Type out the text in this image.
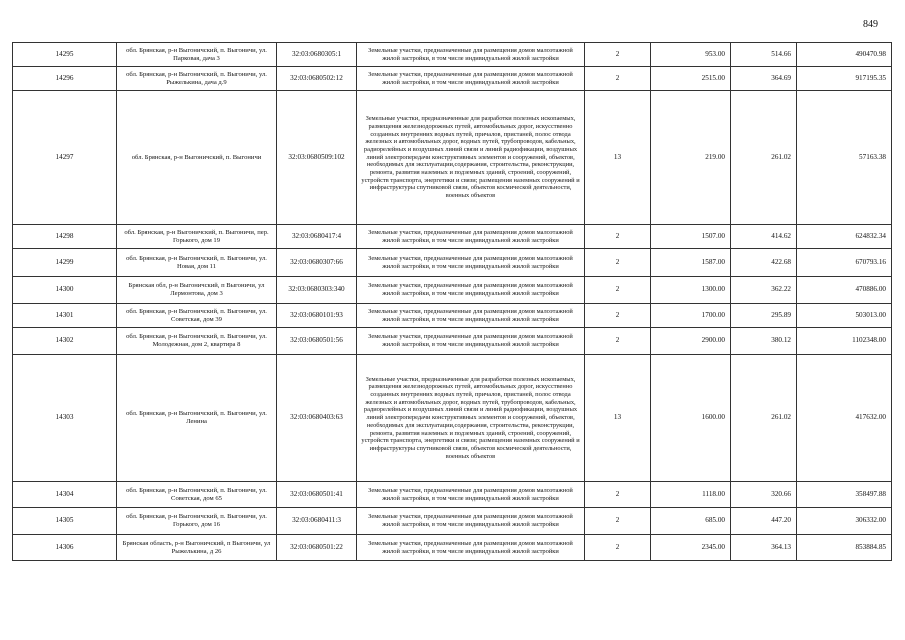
849
14295	обл. Брянская, р-н Выгоничский, п. Выгоничи, ул. Парковая, дача 3	32:03:0680305:1	Земельные участки, предназначенные для размещения домов малоэтажной жилой застройки, в том числе индивидуальной жилой застройки	2	953.00	514.66	490470.98
14296	обл. Брянская, р-н Выгоничский, п. Выгоничи, ул. Рыжелькина, дача д.9	32:03:0680502:12	Земельные участки, предназначенные для размещения домов малоэтажной жилой застройки, в том числе индивидуальной жилой застройки	2	2515.00	364.69	917195.35
14297	обл. Брянская, р-н Выгоничский, п. Выгоничи	32:03:0680509:102	Земельные участки, предназначенные для разработки полезных ископаемых, размещения железнодорожных путей, автомобильных дорог, искусственно созданных внутренних водных путей, причалов, пристаней, полос отвода железных и автомобильных дорог, водных путей, трубопроводов, кабельных, радиорелейных и воздушных линий связи и линий радиофикации, воздушных линий электропередачи конструктивных элементов и сооружений, объектов, необходимых для эксплуатации,содержания, строительства, реконструкции, ремонта, развития наземных и подземных зданий, строений, сооружений, устройств транспорта, энергетики и связи; размещения наземных сооружений и инфраструктуры спутниковой связи, объектов космической деятельности, военных объектов	13	219.00	261.02	57163.38
14298	обл. Брянская, р-н Выгоничский, п. Выгоничи, пер. Горького, дом 19	32:03:0680417:4	Земельные участки, предназначенные для размещения домов малоэтажной жилой застройки, в том числе индивидуальной жилой застройки	2	1507.00	414.62	624832.34
14299	обл. Брянская, р-н Выгоничский, п. Выгоничи, ул. Новая, дом 11	32:03:0680307:66	Земельные участки, предназначенные для размещения домов малоэтажной жилой застройки, в том числе индивидуальной жилой застройки	2	1587.00	422.68	670793.16
14300	Брянская обл, р-н Выгоничский, п Выгоничи, ул Лермонтова, дом 3	32:03:0680303:340	Земельные участки, предназначенные для размещения домов малоэтажной жилой застройки, в том числе индивидуальной жилой застройки	2	1300.00	362.22	470886.00
14301	обл. Брянская, р-н Выгоничский, п. Выгоничи, ул. Советская, дом 39	32:03:0680101:93	Земельные участки, предназначенные для размещения домов малоэтажной жилой застройки, в том числе индивидуальной жилой застройки	2	1700.00	295.89	503013.00
14302	обл. Брянская, р-н Выгоничский, п. Выгоничи, ул. Молодежная, дом 2, квартира 8	32:03:0680501:56	Земельные участки, предназначенные для размещения домов малоэтажной жилой застройки, в том числе индивидуальной жилой застройки	2	2900.00	380.12	1102348.00
14303	обл. Брянская, р-н Выгоничский, п. Выгоничи, ул. Ленина	32:03:0680403:63	Земельные участки, предназначенные для разработки полезных ископаемых, размещения железнодорожных путей, автомобильных дорог, искусственно созданных внутренних водных путей, причалов, пристаней, полос отвода железных и автомобильных дорог, водных путей, трубопроводов, кабельных, радиорелейных и воздушных линий связи и линий радиофикации, воздушных линий электропередачи конструктивных элементов и сооружений, объектов, необходимых для эксплуатации,содержания, строительства, реконструкции, ремонта, развития наземных и подземных зданий, строений, сооружений, устройств транспорта, энергетики и связи; размещения наземных сооружений и инфраструктуры спутниковой связи, объектов космической деятельности, военных объектов	13	1600.00	261.02	417632.00
14304	обл. Брянская, р-н Выгоничский, п. Выгоничи, ул. Советская, дом 65	32:03:0680501:41	Земельные участки, предназначенные для размещения домов малоэтажной жилой застройки, в том числе индивидуальной жилой застройки	2	1118.00	320.66	358497.88
14305	обл. Брянская, р-н Выгоничский, п. Выгоничи, ул. Горького, дом 16	32:03:0680411:3	Земельные участки, предназначенные для размещения домов малоэтажной жилой застройки, в том числе индивидуальной жилой застройки	2	685.00	447.20	306332.00
14306	Брянская область, р-н Выгоничский, п Выгоничи, ул Рыжелькина, д 26	32:03:0680501:22	Земельные участки, предназначенные для размещения домов малоэтажной жилой застройки, в том числе индивидуальной жилой застройки	2	2345.00	364.13	853884.85
